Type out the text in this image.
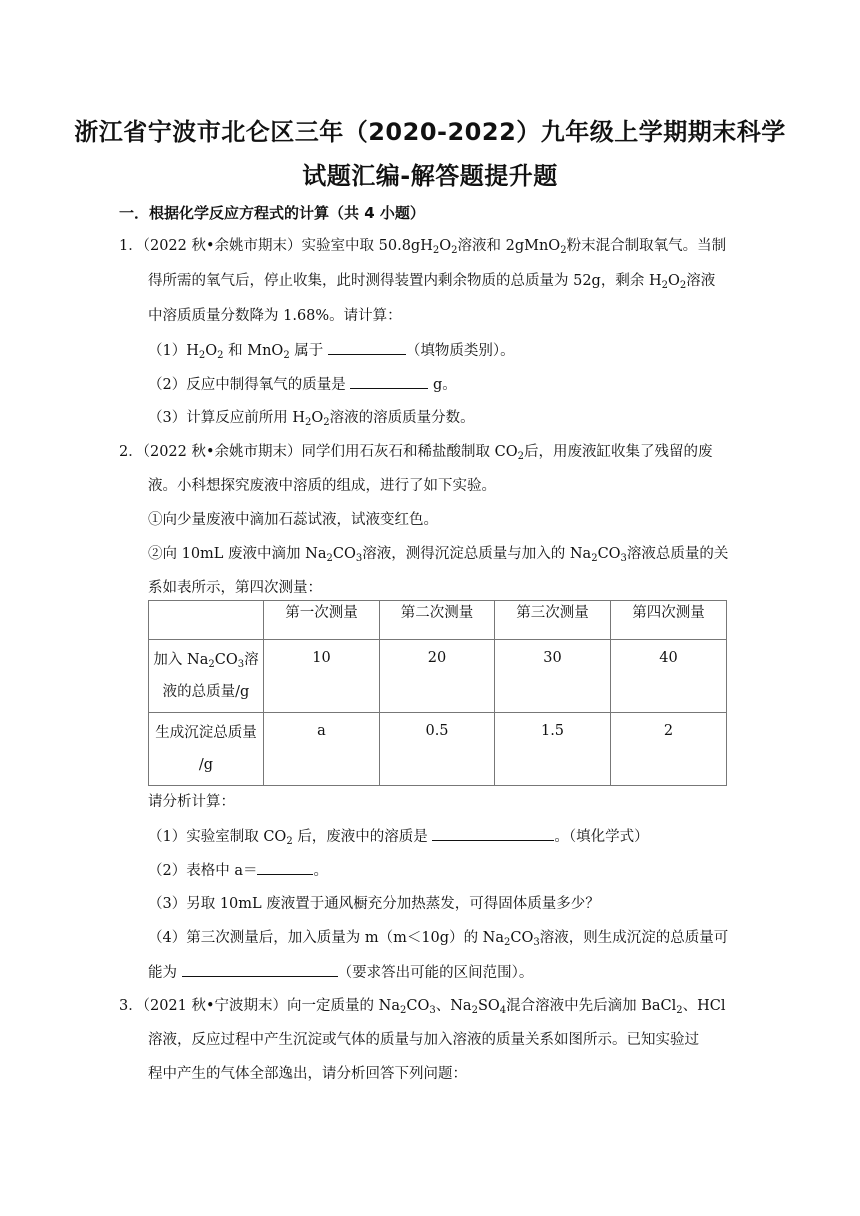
浙江省宁波市北仑区三年（2020-2022）九年级上学期期末科学
试题汇编-解答题提升题
一．根据化学反应方程式的计算（共 4 小题）
1．（2022 秋•余姚市期末）实验室中取 $50.8gH_2O_2$溶液和 2gMnO$_2$粉末混合制取氧气。当制
得所需的氧气后，停止收集，此时测得装置内剩余物质的总质量为 52g，剩余 $H_2O_2$溶液
中溶质质量分数降为 1.68%。请计算：
$(1)H_2O_2$ 和 MnO$_2$ 属于	（填物质类别）。
（2）反应中制得氧气的质量是	g。
（3）计算反应前所用 $H_2O_2$溶液的溶质质量分数。
2．（2022 秋•余姚市期末）同学们用石灰石和稀盐酸制取 $CO_2$后，用废液缸收集了残留的废
液。小科想探究废液中溶质的组成，进行了如下实验。
①向少量废液中滴加石蕊试液，试液变红色。
②向 10mL 废液中滴加 $Na_2CO_3$溶液，测得沉淀总质量与加入的 $Na_2CO_3$溶液总质量的关
系如表所示，第四次测量：
	第一次测量	第二次测量	第三次测量	第四次测量

加入 $Na_2CO_3$溶
液的总质量/g	10	20	30	40

生成沉淀总质量
/g	a	0.5	1.5	2
请分析计算：
（1）实验室制取 $CO_2$ 后，废液中的溶质是	。（填化学式）
（2）表格中 a＝	。
（3）另取 10mL 废液置于通风橱充分加热蒸发，可得固体质量多少？
（4）第三次测量后，加入质量为 m（m＜10g）的 $Na_2CO_3$溶液，则生成沉淀的总质量可
能为	（要求答出可能的区间范围）。
3．（2021 秋•宁波期末）向一定质量的 $Na_2CO_3$、$Na_2SO_4$混合溶液中先后滴加 BaCl$_2$、HCl
溶液，反应过程中产生沉淀或气体的质量与加入溶液的质量关系如图所示。已知实验过
程中产生的气体全部逸出，请分析回答下列问题：
